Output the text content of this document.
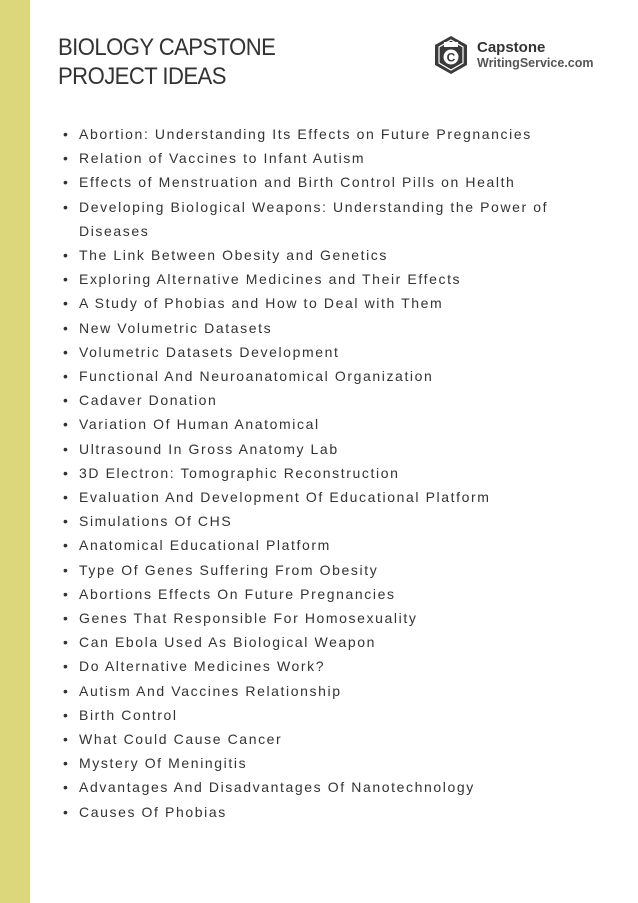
BIOLOGY CAPSTONE
PROJECT IDEAS
C
Capstone
WritingService.com
• Abortion: Understanding Its Effects on Future Pregnancies
• Relation of Vaccines to Infant Autism
• Effects of Menstruation and Birth Control Pills on Health
• Developing Biological Weapons: Understanding the Power of Diseases
• The Link Between Obesity and Genetics
• Exploring Alternative Medicines and Their Effects
• A Study of Phobias and How to Deal with Them
• New Volumetric Datasets
• Volumetric Datasets Development
• Functional And Neuroanatomical Organization
• Cadaver Donation
• Variation Of Human Anatomical
• Ultrasound In Gross Anatomy Lab
• 3D Electron: Tomographic Reconstruction
• Evaluation And Development Of Educational Platform
• Simulations Of CHS
• Anatomical Educational Platform
• Type Of Genes Suffering From Obesity
• Abortions Effects On Future Pregnancies
• Genes That Responsible For Homosexuality
• Can Ebola Used As Biological Weapon
• Do Alternative Medicines Work?
• Autism And Vaccines Relationship
• Birth Control
• What Could Cause Cancer
• Mystery Of Meningitis
• Advantages And Disadvantages Of Nanotechnology
• Causes Of Phobias
